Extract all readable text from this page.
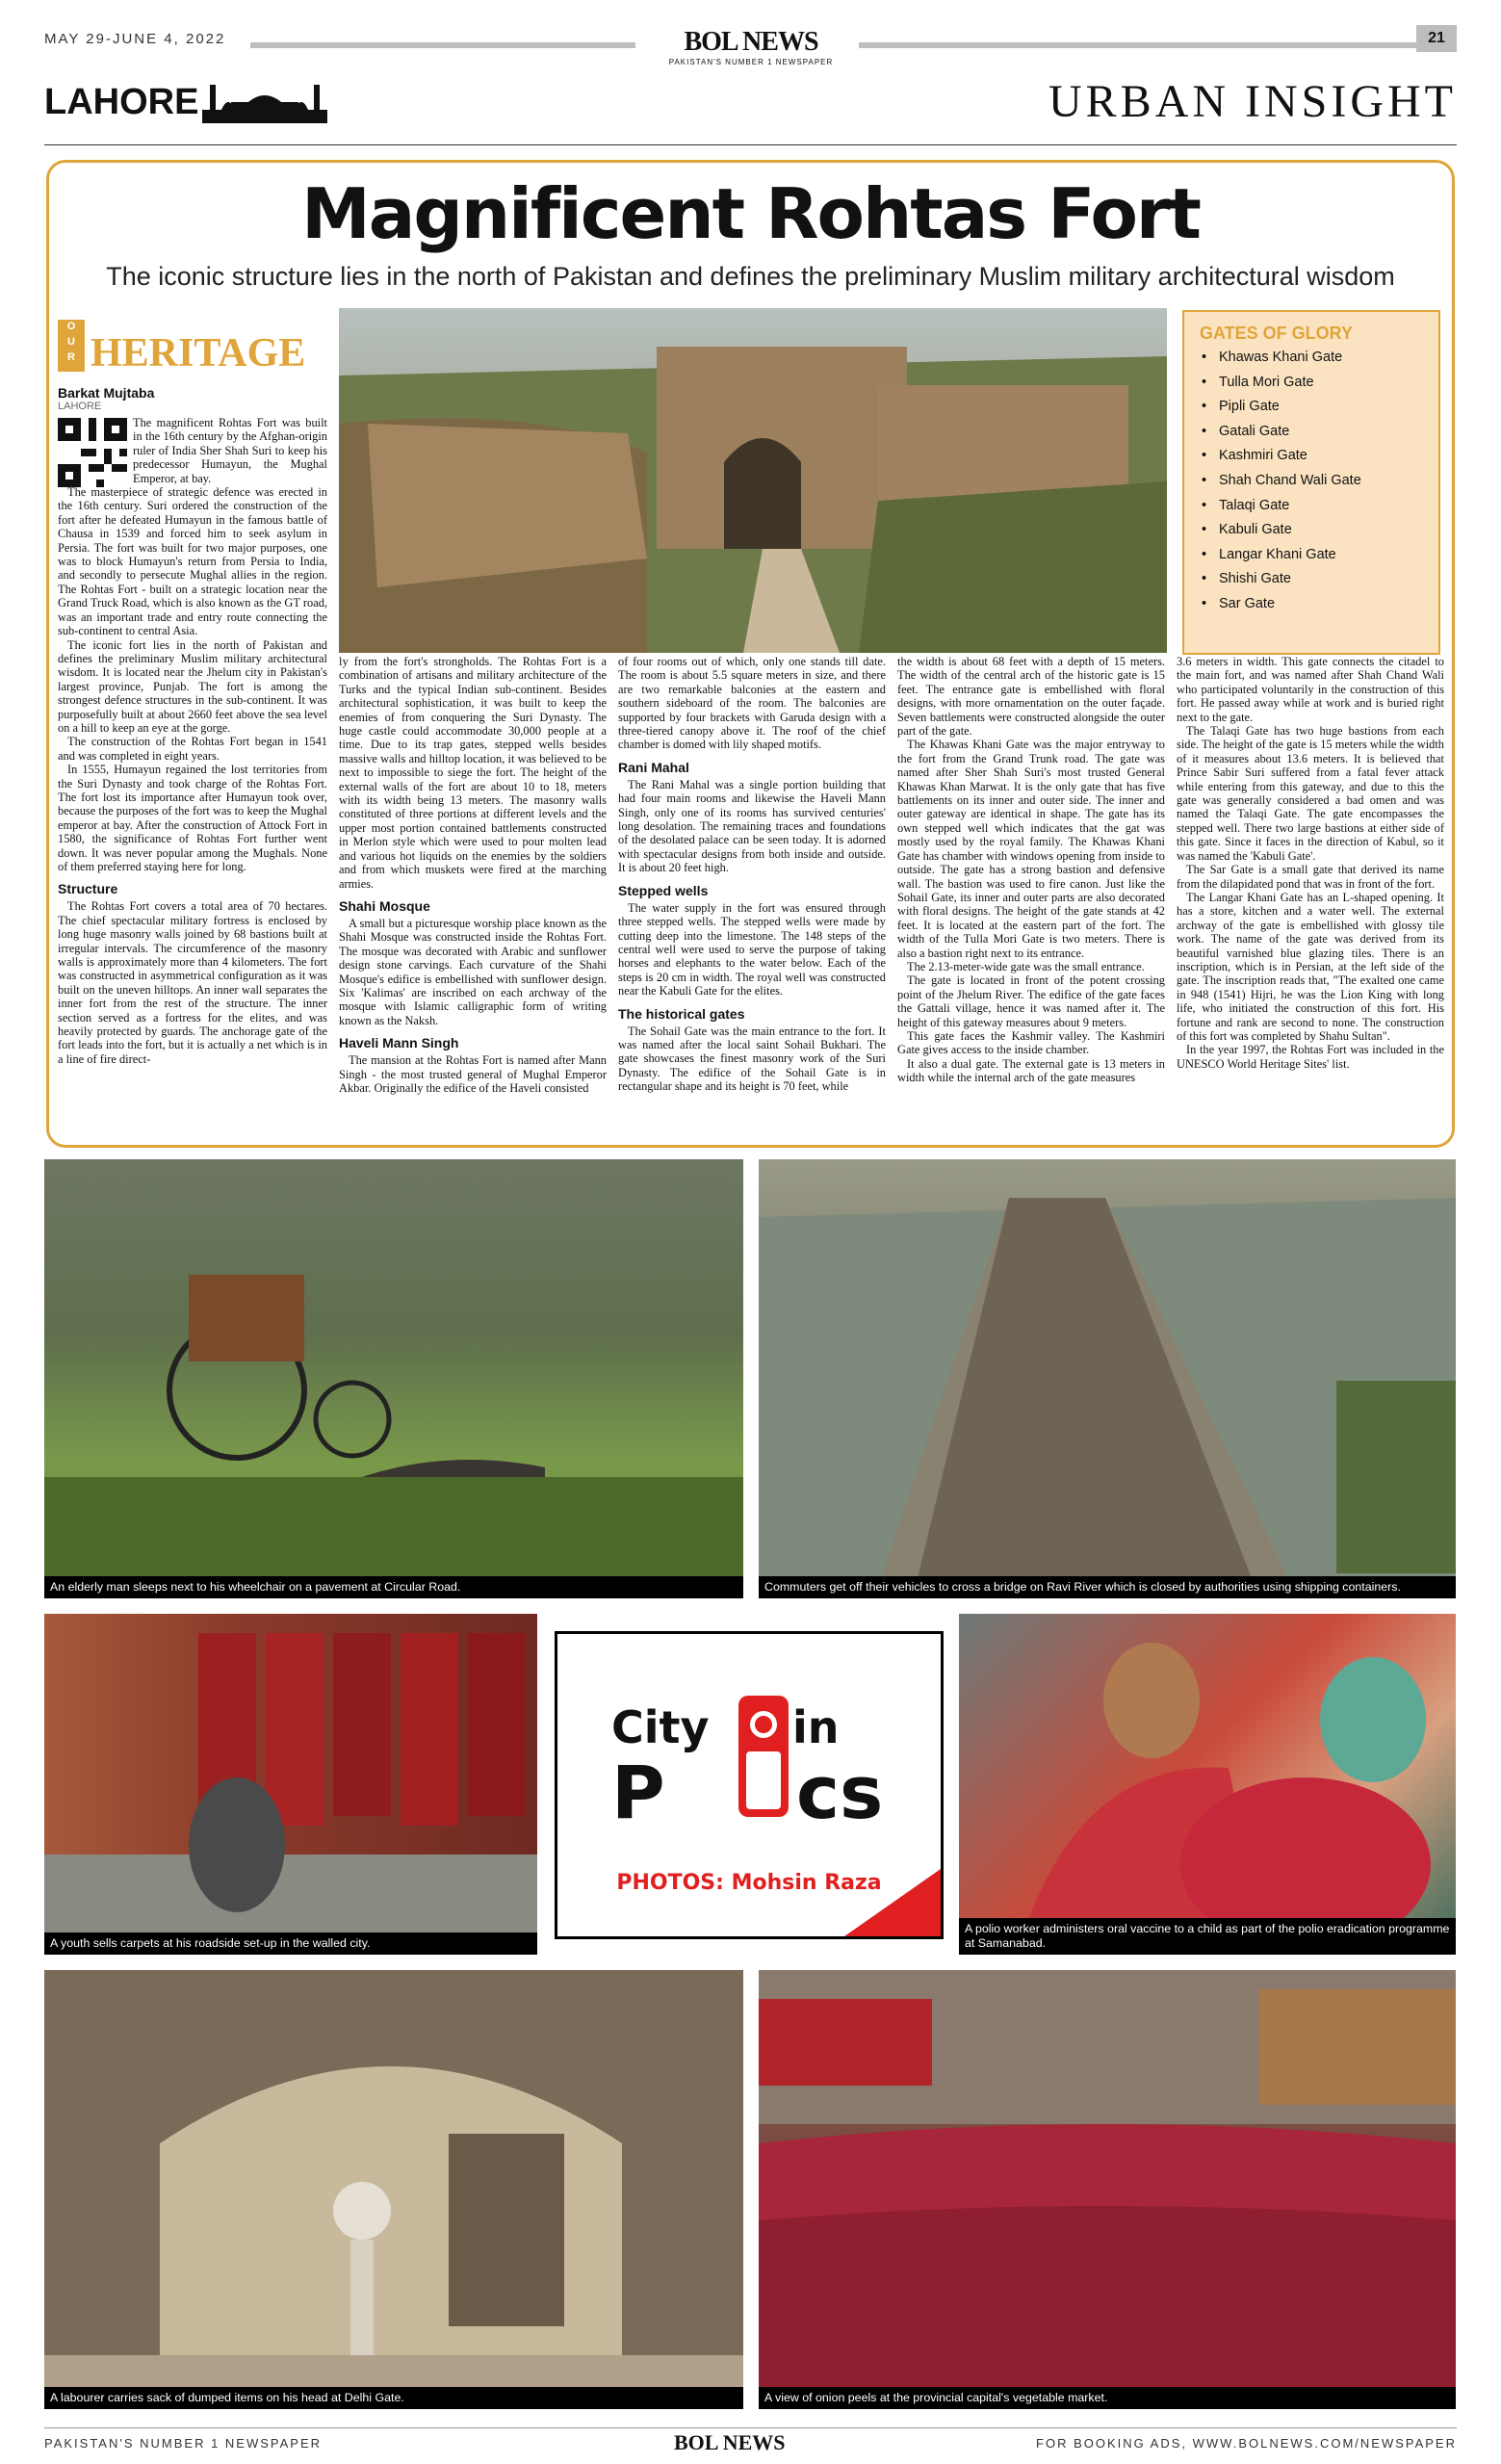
MAY 29-JUNE 4, 2022	BOL NEWS
PAKISTAN'S NUMBER 1 NEWSPAPER
21
LAHORE	URBAN INSIGHT
Magnificent Rohtas Fort
The iconic structure lies in the north of Pakistan and defines the preliminary Muslim military architectural wisdom
O
U
R HERITAGE
Barkat Mujtaba
LAHORE

The magnificent Rohtas Fort was built in the 16th century by the Afghan-origin ruler of India Sher Shah Suri to keep his predecessor Humayun, the Mughal Emperor, at bay.

The masterpiece of strategic defence was erected in the 16th century. Suri ordered the construction of the fort after he defeated Humayun in the famous battle of Chausa in 1539 and forced him to seek asylum in Persia. The fort was built for two major purposes, one was to block Humayun's return from Persia to India, and secondly to persecute Mughal allies in the region. The Rohtas Fort - built on a strategic location near the Grand Truck Road, which is also known as the GT road, was an important trade and entry route connecting the sub-continent to central Asia.

The iconic fort lies in the north of Pakistan and defines the preliminary Muslim military architectural wisdom. It is located near the Jhelum city in Pakistan's largest province, Punjab. The fort is among the strongest defence structures in the sub-continent. It was purposefully built at about 2660 feet above the sea level on a hill to keep an eye at the gorge.

The construction of the Rohtas Fort began in 1541 and was completed in eight years.

In 1555, Humayun regained the lost territories from the Suri Dynasty and took charge of the Rohtas Fort. The fort lost its importance after Humayun took over, because the purposes of the fort was to keep the Mughal emperor at bay. After the construction of Attock Fort in 1580, the significance of Rohtas Fort further went down. It was never popular among the Mughals. None of them preferred staying here for long.

Structure

The Rohtas Fort covers a total area of 70 hectares. The chief spectacular military fortress is enclosed by long huge masonry walls joined by 68 bastions built at irregular intervals. The circumference of the masonry walls is approximately more than 4 kilometers. The fort was constructed in asymmetrical configuration as it was built on the uneven hilltops. An inner wall separates the inner fort from the rest of the structure. The inner section served as a fortress for the elites, and was heavily protected by guards. The anchorage gate of the fort leads into the fort, but it is actually a net which is in a line of fire direct-

GATES OF GLORY
• Khawas Khani Gate
• Tulla Mori Gate
• Pipli Gate
• Gatali Gate
• Kashmiri Gate
• Shah Chand Wali Gate
• Talaqi Gate
• Kabuli Gate
• Langar Khani Gate
• Shishi Gate
• Sar Gate

ly from the fort's strongholds. The Rohtas Fort is a combination of artisans and military architecture of the Turks and the typical Indian sub-continent. Besides architectural sophistication, it was built to keep the enemies of from conquering the Suri Dynasty. The huge castle could accommodate 30,000 people at a time. Due to its trap gates, stepped wells besides massive walls and hilltop location, it was believed to be next to impossible to siege the fort. The height of the external walls of the fort are about 10 to 18, meters with its width being 13 meters. The masonry walls constituted of three portions at different levels and the upper most portion contained battlements constructed in Merlon style which were used to pour molten lead and various hot liquids on the enemies by the soldiers and from which muskets were fired at the marching armies.

Shahi Mosque

A small but a picturesque worship place known as the Shahi Mosque was constructed inside the Rohtas Fort. The mosque was decorated with Arabic and sunflower design stone carvings. Each curvature of the Shahi Mosque's edifice is embellished with sunflower design. Six 'Kalimas' are inscribed on each archway of the mosque with Islamic calligraphic form of writing known as the Naksh.

Haveli Mann Singh

The mansion at the Rohtas Fort is named after Mann Singh - the most trusted general of Mughal Emperor Akbar. Originally the edifice of the Haveli consisted

of four rooms out of which, only one stands till date. The room is about 5.5 square meters in size, and there are two remarkable balconies at the eastern and southern sideboard of the room. The balconies are supported by four brackets with Garuda design with a three-tiered canopy above it. The roof of the chief chamber is domed with lily shaped motifs.

Rani Mahal

The Rani Mahal was a single portion building that had four main rooms and likewise the Haveli Mann Singh, only one of its rooms has survived centuries' long desolation. The remaining traces and foundations of the desolated palace can be seen today. It is adorned with spectacular designs from both inside and outside. It is about 20 feet high.

Stepped wells

The water supply in the fort was ensured through three stepped wells. The stepped wells were made by cutting deep into the limestone. The 148 steps of the central well were used to serve the purpose of taking horses and elephants to the water below. Each of the steps is 20 cm in width. The royal well was constructed near the Kabuli Gate for the elites.

The historical gates

The Sohail Gate was the main entrance to the fort. It was named after the local saint Sohail Bukhari. The gate showcases the finest masonry work of the Suri Dynasty. The edifice of the Sohail Gate is in rectangular shape and its height is 70 feet, while

the width is about 68 feet with a depth of 15 meters. The width of the central arch of the historic gate is 15 feet. The entrance gate is embellished with floral designs, with more ornamentation on the outer façade. Seven battlements were constructed alongside the outer part of the gate.

The Khawas Khani Gate was the major entryway to the fort from the Grand Trunk road. The gate was named after Sher Shah Suri's most trusted General Khawas Khan Marwat. It is the only gate that has five battlements on its inner and outer side. The inner and outer gateway are identical in shape. The gate has its own stepped well which indicates that the gat was mostly used by the royal family. The Khawas Khani Gate has chamber with windows opening from inside to outside. The gate has a strong bastion and defensive wall. The bastion was used to fire canon. Just like the Sohail Gate, its inner and outer parts are also decorated with floral designs. The height of the gate stands at 42 feet. It is located at the eastern part of the fort. The width of the Tulla Mori Gate is two meters. There is also a bastion right next to its entrance.

The 2.13-meter-wide gate was the small entrance.

The gate is located in front of the potent crossing point of the Jhelum River. The edifice of the gate faces the Gattali village, hence it was named after it. The height of this gateway measures about 9 meters.

This gate faces the Kashmir valley. The Kashmiri Gate gives access to the inside chamber.

It also a dual gate. The external gate is 13 meters in width while the internal arch of the gate measures

3.6 meters in width. This gate connects the citadel to the main fort, and was named after Shah Chand Wali who participated voluntarily in the construction of this fort. He passed away while at work and is buried right next to the gate.

The Talaqi Gate has two huge bastions from each side. The height of the gate is 15 meters while the width of it measures about 13.6 meters. It is believed that Prince Sabir Suri suffered from a fatal fever attack while entering from this gateway, and due to this the gate was generally considered a bad omen and was named the Talaqi Gate. The gate encompasses the stepped well. There two large bastions at either side of this gate. Since it faces in the direction of Kabul, so it was named the 'Kabuli Gate'.

The Sar Gate is a small gate that derived its name from the dilapidated pond that was in front of the fort.

The Langar Khani Gate has an L-shaped opening. It has a store, kitchen and a water well. The external archway of the gate is embellished with glossy tile work. The name of the gate was derived from its beautiful varnished blue glazing tiles. There is an inscription, which is in Persian, at the left side of the gate. The inscription reads that, "The exalted one came in 948 (1541) Hijri, he was the Lion King with long life, who initiated the construction of this fort. His fortune and rank are second to none. The construction of this fort was completed by Shahu Sultan".

In the year 1997, the Rohtas Fort was included in the UNESCO World Heritage Sites' list.

An elderly man sleeps next to his wheelchair on a pavement at Circular Road.	Commuters get off their vehicles to cross a bridge on Ravi River which is closed by authorities using shipping containers.
A youth sells carpets at his roadside set-up in the walled city.
City in
P cs
PHOTOS: Mohsin Raza
A polio worker administers oral vaccine to a child as part of the polio eradication programme at Samanabad.
A labourer carries sack of dumped items on his head at Delhi Gate.	A view of onion peels at the provincial capital's vegetable market.
PAKISTAN'S NUMBER 1 NEWSPAPER	BOL NEWS	FOR BOOKING ADS, WWW.BOLNEWS.COM/NEWSPAPER
